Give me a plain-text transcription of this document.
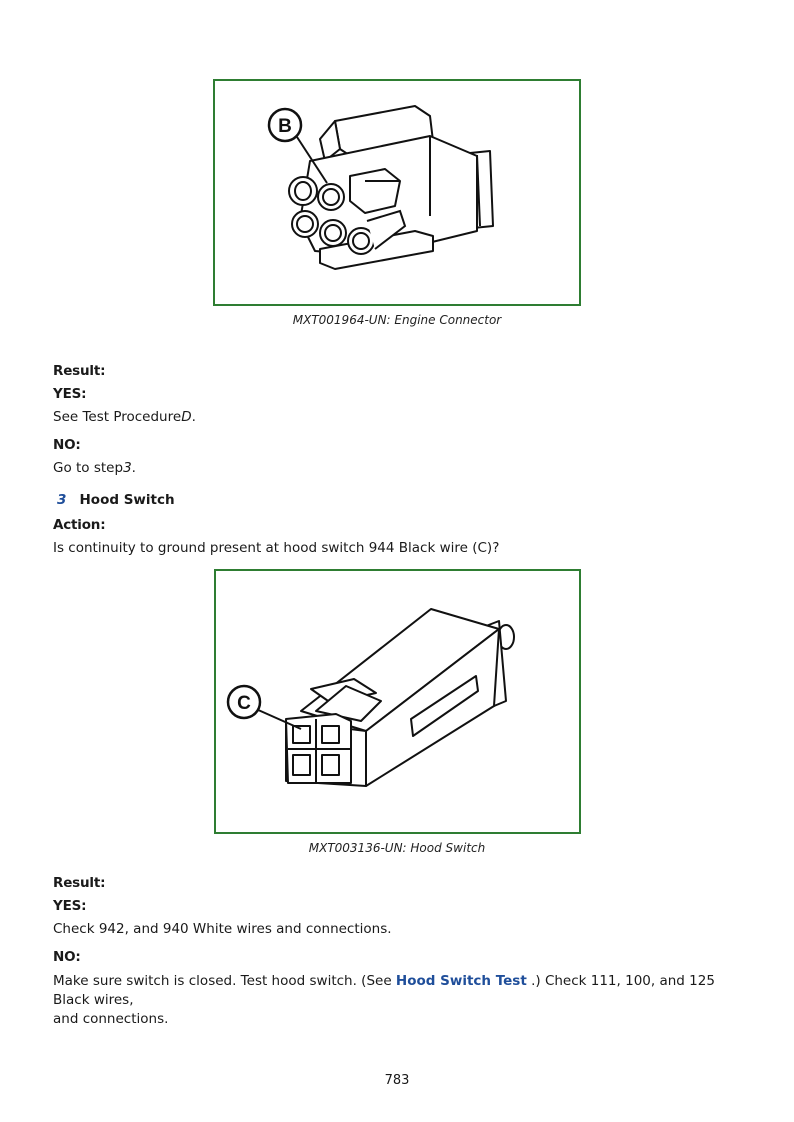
B
MXT001964-UN: Engine Connector
Result:
YES:
See Test ProcedureD.
NO:
Go to step3.
3 Hood Switch
Action:
Is continuity to ground present at hood switch 944 Black wire (C)?
C
MXT003136-UN: Hood Switch
Result:
YES:
Check 942, and 940 White wires and connections.
NO:
Make sure switch is closed. Test hood switch. (See Hood Switch Test .) Check 111, 100, and 125 Black wires,
and connections.
783
